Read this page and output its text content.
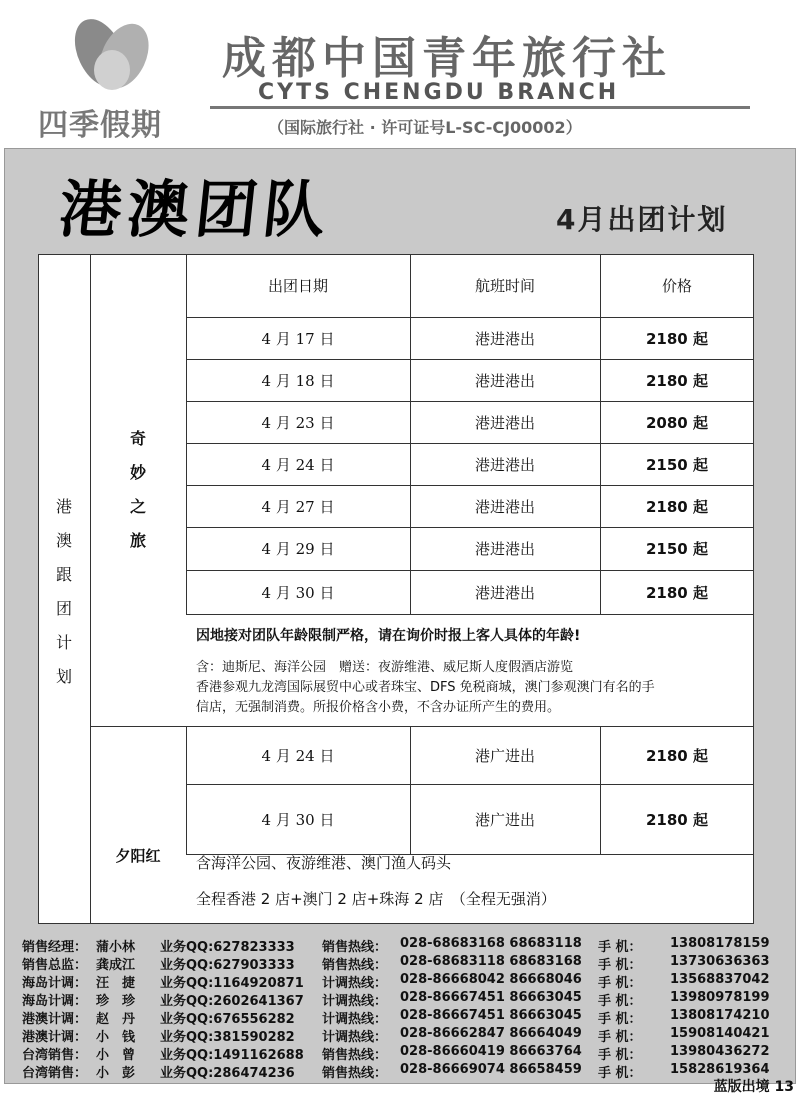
四季假期
成都中国青年旅行社
CYTS CHENGDU BRANCH
（国际旅行社 · 许可证号L-SC-CJ00002）
港澳团队	4月出团计划
港
澳
跟
团
计
划
奇
妙
之
旅
出团日期	航班时间	价格
4 月 17 日	港进港出	2180 起
4 月 18 日	港进港出	2180 起
4 月 23 日	港进港出	2080 起
4 月 24 日	港进港出	2150 起
4 月 27 日	港进港出	2180 起
4 月 29 日	港进港出	2150 起
4 月 30 日	港进港出	2180 起
因地接对团队年龄限制严格，请在询价时报上客人具体的年龄!
含：迪斯尼、海洋公园　赠送：夜游维港、威尼斯人度假酒店游览
香港参观九龙湾国际展贸中心或者珠宝、DFS 免税商城，澳门参观澳门有名的手
信店，无强制消费。所报价格含小费，不含办证所产生的费用。
夕阳红
4 月 24 日	港广进出	2180 起
4 月 30 日	港广进出	2180 起
含海洋公园、夜游维港、澳门渔人码头
全程香港 2 店+澳门 2 店+珠海 2 店　（全程无强消）
销售经理： 蒲小林 业务QQ:627823333 销售热线： 028-68683168 68683118 手 机： 13808178159
销售总监： 龚成江 业务QQ:627903333 销售热线： 028-68683118 68683168 手 机： 13730636363
海岛计调： 汪　捷 业务QQ:1164920871 计调热线： 028-86668042 86668046 手 机： 13568837042
海岛计调： 珍　珍 业务QQ:2602641367 计调热线： 028-86667451 86663045 手 机： 13980978199
港澳计调： 赵　丹 业务QQ:676556282 计调热线： 028-86667451 86663045 手 机： 13808174210
港澳计调： 小　钱 业务QQ:381590282 计调热线： 028-86662847 86664049 手 机： 15908140421
台湾销售： 小　曾 业务QQ:1491162688 销售热线： 028-86660419 86663764 手 机： 13980436272
台湾销售： 小　彭 业务QQ:286474236 销售热线： 028-86669074 86658459 手 机： 15828619364
蓝版出境 13
